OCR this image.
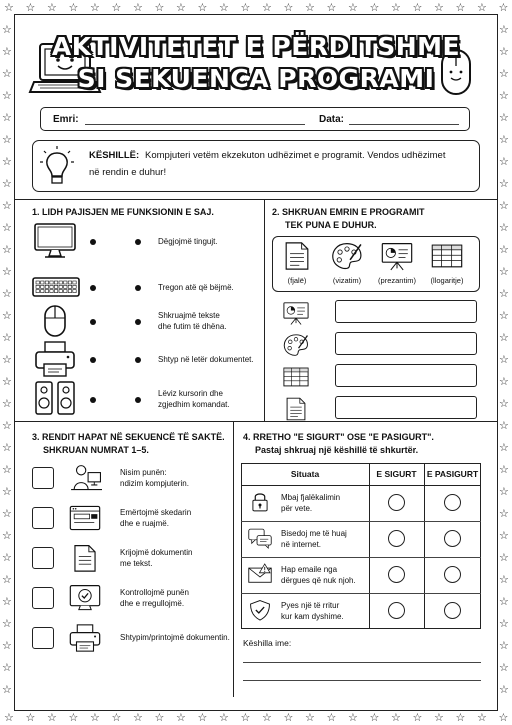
☆
☆
☆
☆
☆
☆
☆
☆
☆
☆
☆
☆
☆
☆
☆
☆
☆
☆
☆
☆
☆
☆
☆
☆
☆
☆
☆
☆
☆
☆
☆
☆
☆
☆
☆
☆
☆
☆
☆
☆
☆
☆
☆
☆
☆
☆
☆
☆
☆	☆
☆	☆
☆	☆
☆	☆
☆	☆
☆	☆
☆	☆
☆	☆
☆	☆
☆	☆
☆	☆
☆	☆
☆	☆
☆	☆
☆	☆
☆	☆
☆	☆
☆	☆
☆	☆
☆	☆
☆	☆
☆	☆
☆	☆
☆	☆
☆	☆
☆	☆
☆	☆
☆	☆
☆	☆
☆	☆
☆	☆
AKTIVITETET E PËRDITSHME
SI SEKUENCA PROGRAMI
Emri:	Data:
KËSHILLË: Kompjuteri vetëm ekzekuton udhëzimet e programit. Vendos udhëzimet
në rendin e duhur!
1. LIDH PAJISJEN ME FUNKSIONIN E SAJ.
Dëgjojmë tingujt.
Tregon atë që bëjmë.
Shkruajmë tekste
dhe futim të dhëna.
Shtyp në letër dokumentet.
Lëviz kursorin dhe
zgjedhim komandat.
2. SHKRUAN EMRIN E PROGRAMIT
TEK PUNA E DUHUR.
(fjalë)	(vizatim)	(prezantim)	(llogaritje)
3. RENDIT HAPAT NË SEKUENCË TË SAKTË.
SHKRUAN NUMRAT 1–5.
Nisim punën:
ndizim kompjuterin.
Emërtojmë skedarin
dhe e ruajmë.
Krijojmë dokumentin
me tekst.
Kontrollojmë punën
dhe e rregullojmë.
Shtypim/printojmë dokumentin.
4. RRETHO "E SIGURT" OSE "E PASIGURT".
Pastaj shkruaj një këshillë të shkurtër.
Situata	E SIGURT	E PASIGURT
Mbaj fjalëkalimin
për vete.
Bisedoj me të huaj
në internet.
Hap emaile nga
dërgues që nuk njoh.
Pyes një të rritur
kur kam dyshime.
Këshilla ime:
